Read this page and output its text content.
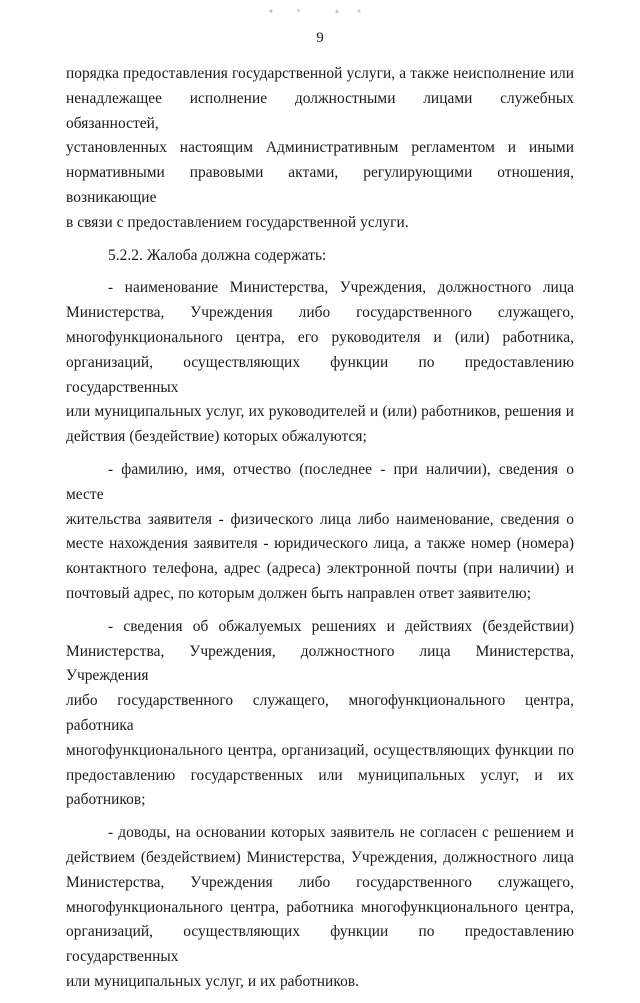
9

порядка предоставления государственной услуги, а также неисполнение или
ненадлежащее исполнение должностными лицами служебных обязанностей,
установленных настоящим Административным регламентом и иными
нормативными правовыми актами, регулирующими отношения, возникающие
в связи с предоставлением государственной услуги.

5.2.2. Жалоба должна содержать:

- наименование Министерства, Учреждения, должностного лица
Министерства, Учреждения либо государственного служащего,
многофункционального центра, его руководителя и (или) работника,
организаций, осуществляющих функции по предоставлению государственных
или муниципальных услуг, их руководителей и (или) работников, решения и
действия (бездействие) которых обжалуются;

- фамилию, имя, отчество (последнее - при наличии), сведения о месте
жительства заявителя - физического лица либо наименование, сведения о
месте нахождения заявителя - юридического лица, а также номер (номера)
контактного телефона, адрес (адреса) электронной почты (при наличии) и
почтовый адрес, по которым должен быть направлен ответ заявителю;

- сведения об обжалуемых решениях и действиях (бездействии)
Министерства, Учреждения, должностного лица Министерства, Учреждения
либо государственного служащего, многофункционального центра, работника
многофункционального центра, организаций, осуществляющих функции по
предоставлению государственных или муниципальных услуг, и их
работников;

- доводы, на основании которых заявитель не согласен с решением и
действием (бездействием) Министерства, Учреждения, должностного лица
Министерства, Учреждения либо государственного служащего,
многофункционального центра, работника многофункционального центра,
организаций, осуществляющих функции по предоставлению государственных
или муниципальных услуг, и их работников.
